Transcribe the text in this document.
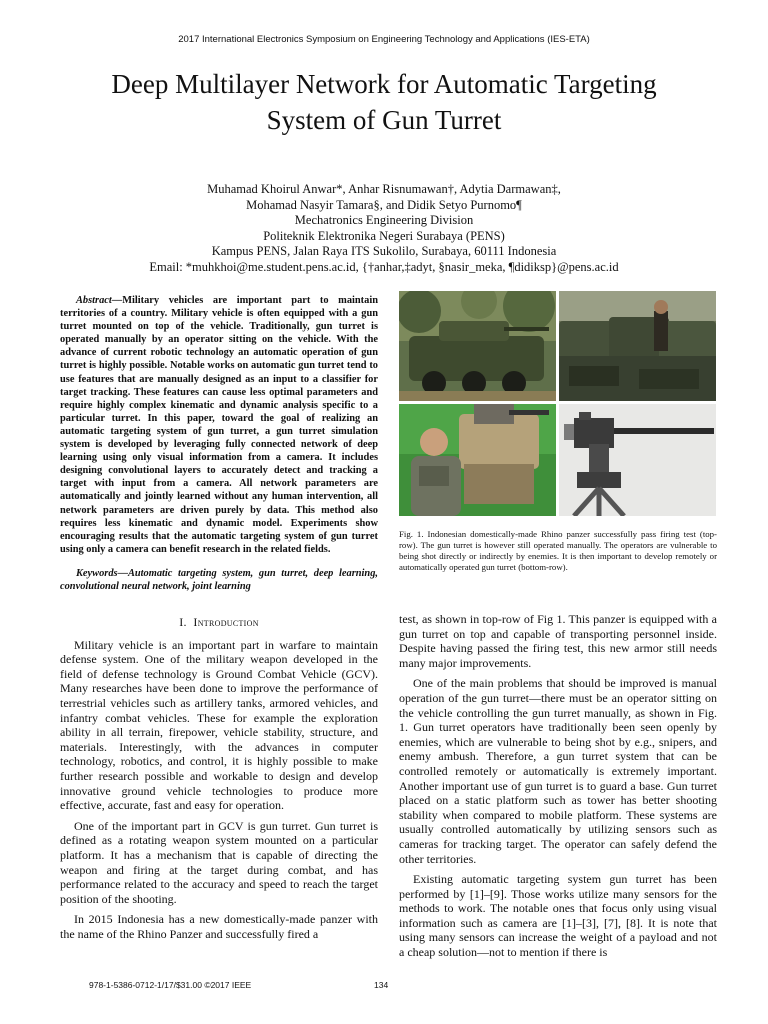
2017 International Electronics Symposium on Engineering Technology and Applications (IES-ETA)
Deep Multilayer Network for Automatic Targeting
System of Gun Turret
Muhamad Khoirul Anwar*, Anhar Risnumawan†, Adytia Darmawan‡,
Mohamad Nasyir Tamara§, and Didik Setyo Purnomo¶
Mechatronics Engineering Division
Politeknik Elektronika Negeri Surabaya (PENS)
Kampus PENS, Jalan Raya ITS Sukolilo, Surabaya, 60111 Indonesia
Email: *muhkhoi@me.student.pens.ac.id, {†anhar,‡adyt, §nasir_meka, ¶didiksp}@pens.ac.id

Abstract—Military vehicles are important part to maintain territories of a country. Military vehicle is often equipped with a gun turret mounted on top of the vehicle. Traditionally, gun turret is operated manually by an operator sitting on the vehicle. With the advance of current robotic technology an automatic operation of gun turret is highly possible. Notable works on automatic gun turret tend to use features that are manually designed as an input to a classifier for target tracking. These features can cause less optimal parameters and require highly complex kinematic and dynamic analysis specific to a particular turret. In this paper, toward the goal of realizing an automatic targeting system of gun turret, a gun turret simulation system is developed by leveraging fully connected network of deep learning using only visual information from a camera. It includes designing convolutional layers to accurately detect and tracking a target with input from a camera. All network parameters are automatically and jointly learned without any human intervention, all network parameters are driven purely by data. This method also requires less kinematic and dynamic model. Experiments show encouraging results that the automatic targeting system of gun turret using only a camera can benefit research in the related fields.

Keywords—Automatic targeting system, gun turret, deep learning, convolutional neural network, joint learning

I. Introduction

Military vehicle is an important part in warfare to maintain defense system. One of the military weapon developed in the field of defense technology is Ground Combat Vehicle (GCV). Many researches have been done to improve the performance of terrestrial vehicles such as artillery tanks, armored vehicles, and infantry combat vehicles. These for example the exploration ability in all terrain, firepower, vehicle stability, structure, and materials. Interestingly, with the advances in computer technology, robotics, and control, it is highly possible to make further research possible and workable to design and develop innovative ground vehicle technologies to produce more effective, accurate, fast and easy for operation.

One of the important part in GCV is gun turret. Gun turret is defined as a rotating weapon system mounted on a particular platform. It has a mechanism that is capable of directing the weapon and firing at the target during combat, and has performance related to the accuracy and speed to reach the target position of the shooting.

In 2015 Indonesia has a new domestically-made panzer with the name of the Rhino Panzer and successfully fired a

Fig. 1. Indonesian domestically-made Rhino panzer successfully pass firing test (top-row). The gun turret is however still operated manually. The operators are vulnerable to being shot directly or indirectly by enemies. It is then important to develop remotely or automatically operated gun turret (bottom-row).

test, as shown in top-row of Fig 1. This panzer is equipped with a gun turret on top and capable of transporting personnel inside. Despite having passed the firing test, this new armor still needs many major improvements.

One of the main problems that should be improved is manual operation of the gun turret—there must be an operator sitting on the vehicle controlling the gun turret manually, as shown in Fig. 1. Gun turret operators have traditionally been seen openly by enemies, which are vulnerable to being shot by e.g., snipers, and enemy ambush. Therefore, a gun turret system that can be controlled remotely or automatically is extremely important. Another important use of gun turret is to guard a base. Gun turret placed on a static platform such as tower has better shooting stability when compared to mobile platform. These systems are usually controlled automatically by utilizing sensors such as cameras for tracking target. The operator can safely defend the other territories.

Existing automatic targeting system gun turret has been performed by [1]–[9]. Those works utilize many sensors for the methods to work. The notable ones that focus only using visual information such as camera are [1]–[3], [7], [8]. It is note that using many sensors can increase the weight of a payload and not a cheap solution—not to mention if there is

978-1-5386-0712-1/17/$31.00 ©2017 IEEE	134
